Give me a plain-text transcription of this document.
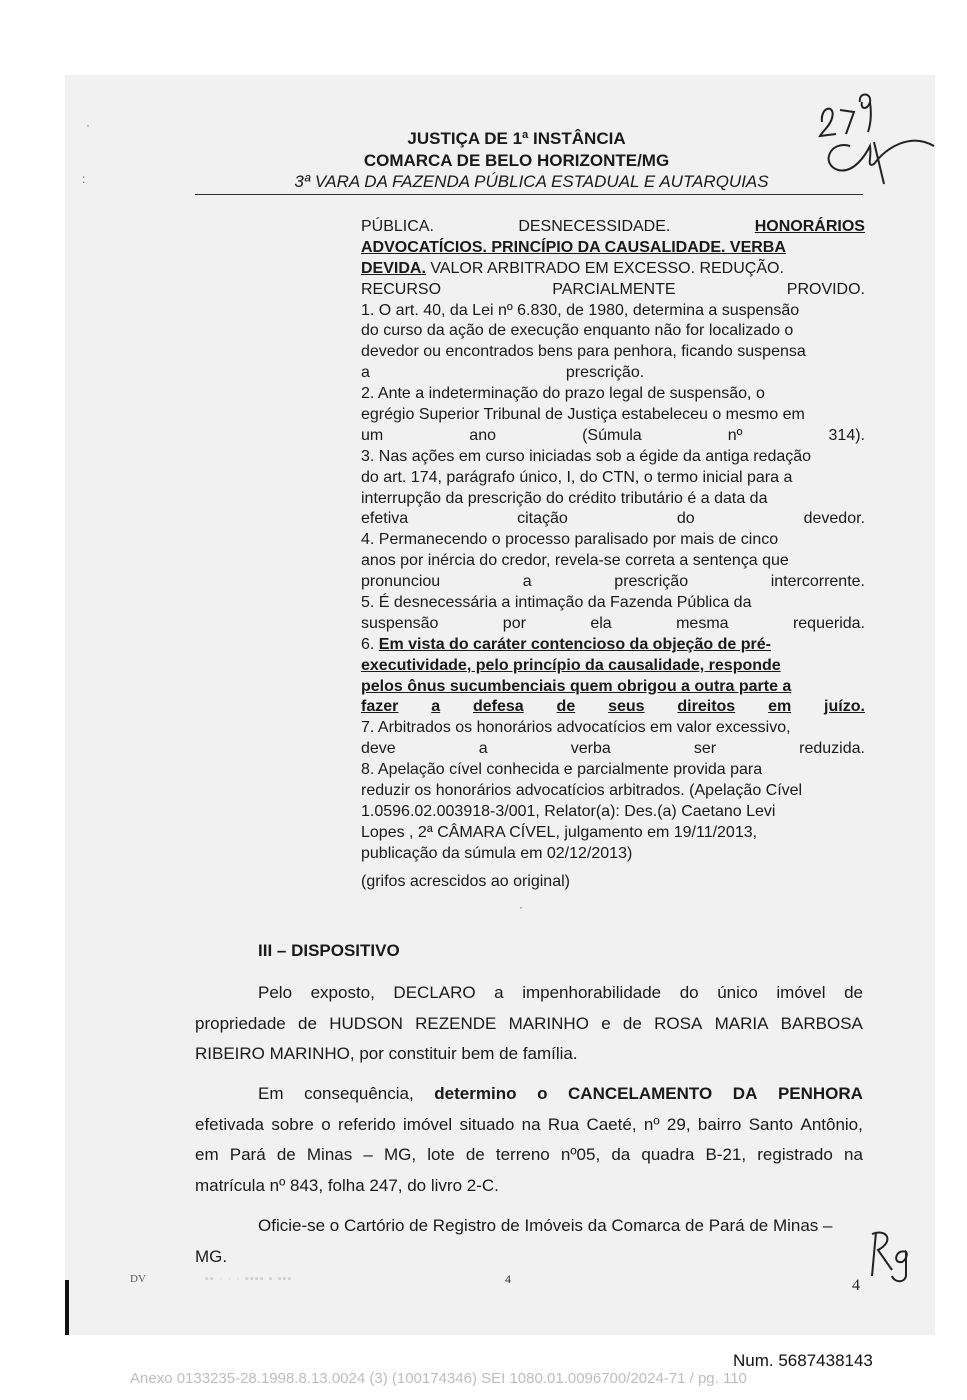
·
:
·
JUSTIÇA DE 1ª INSTÂNCIA
COMARCA DE BELO HORIZONTE/MG
3ª VARA DA FAZENDA PÚBLICA ESTADUAL E AUTARQUIAS
PÚBLICA.	DESNECESSIDADE.	HONORÁRIOS
ADVOCATÍCIOS. PRINCÍPIO DA CAUSALIDADE. VERBA
DEVIDA. VALOR ARBITRADO EM EXCESSO. REDUÇÃO.
RECURSO	PARCIALMENTE	PROVIDO.
1. O art. 40, da Lei nº 6.830, de 1980, determina a suspensão
do curso da ação de execução enquanto não for localizado o
devedor ou encontrados bens para penhora, ficando suspensa
a	prescrição.
2. Ante a indeterminação do prazo legal de suspensão, o
egrégio Superior Tribunal de Justiça estabeleceu o mesmo em
um	ano	(Súmula	nº	314).
3. Nas ações em curso iniciadas sob a égide da antiga redação
do art. 174, parágrafo único, I, do CTN, o termo inicial para a
interrupção da prescrição do crédito tributário é a data da
efetiva	citação	do	devedor.
4. Permanecendo o processo paralisado por mais de cinco
anos por inércia do credor, revela-se correta a sentença que
pronunciou	a	prescrição	intercorrente.
5. É desnecessária a intimação da Fazenda Pública da
suspensão	por	ela	mesma	requerida.
6. Em vista do caráter contencioso da objeção de pré-
executividade, pelo princípio da causalidade, responde
pelos ônus sucumbenciais quem obrigou a outra parte a
fazer a defesa de seus direitos em juízo.
7. Arbitrados os honorários advocatícios em valor excessivo,
deve	a	verba	ser	reduzida.
8. Apelação cível conhecida e parcialmente provida para
reduzir os honorários advocatícios arbitrados. (Apelação Cível
1.0596.02.003918-3/001, Relator(a): Des.(a) Caetano Levi
Lopes , 2ª CÂMARA CÍVEL, julgamento em 19/11/2013,
publicação da súmula em 02/12/2013)
(grifos acrescidos ao original)
III – DISPOSITIVO
Pelo exposto, DECLARO a impenhorabilidade do único imóvel de
propriedade de HUDSON REZENDE MARINHO e de ROSA MARIA BARBOSA
RIBEIRO MARINHO, por constituir bem de família.
Em consequência, determino o CANCELAMENTO DA PENHORA
efetivada sobre o referido imóvel situado na Rua Caeté, nº 29, bairro Santo Antônio,
em Pará de Minas – MG, lote de terreno nº05, da quadra B-21, registrado na
matrícula nº 843, folha 247, do livro 2-C.
Oficie-se o Cartório de Registro de Imóveis da Comarca de Pará de Minas –
MG.
DV	▪▪ · · · ▪▪▪▪ ▪ ▪▪▪	4	4
Num. 5687438143
Anexo 0133235-28.1998.8.13.0024 (3) (100174346) SEI 1080.01.0096700/2024-71 / pg. 110
